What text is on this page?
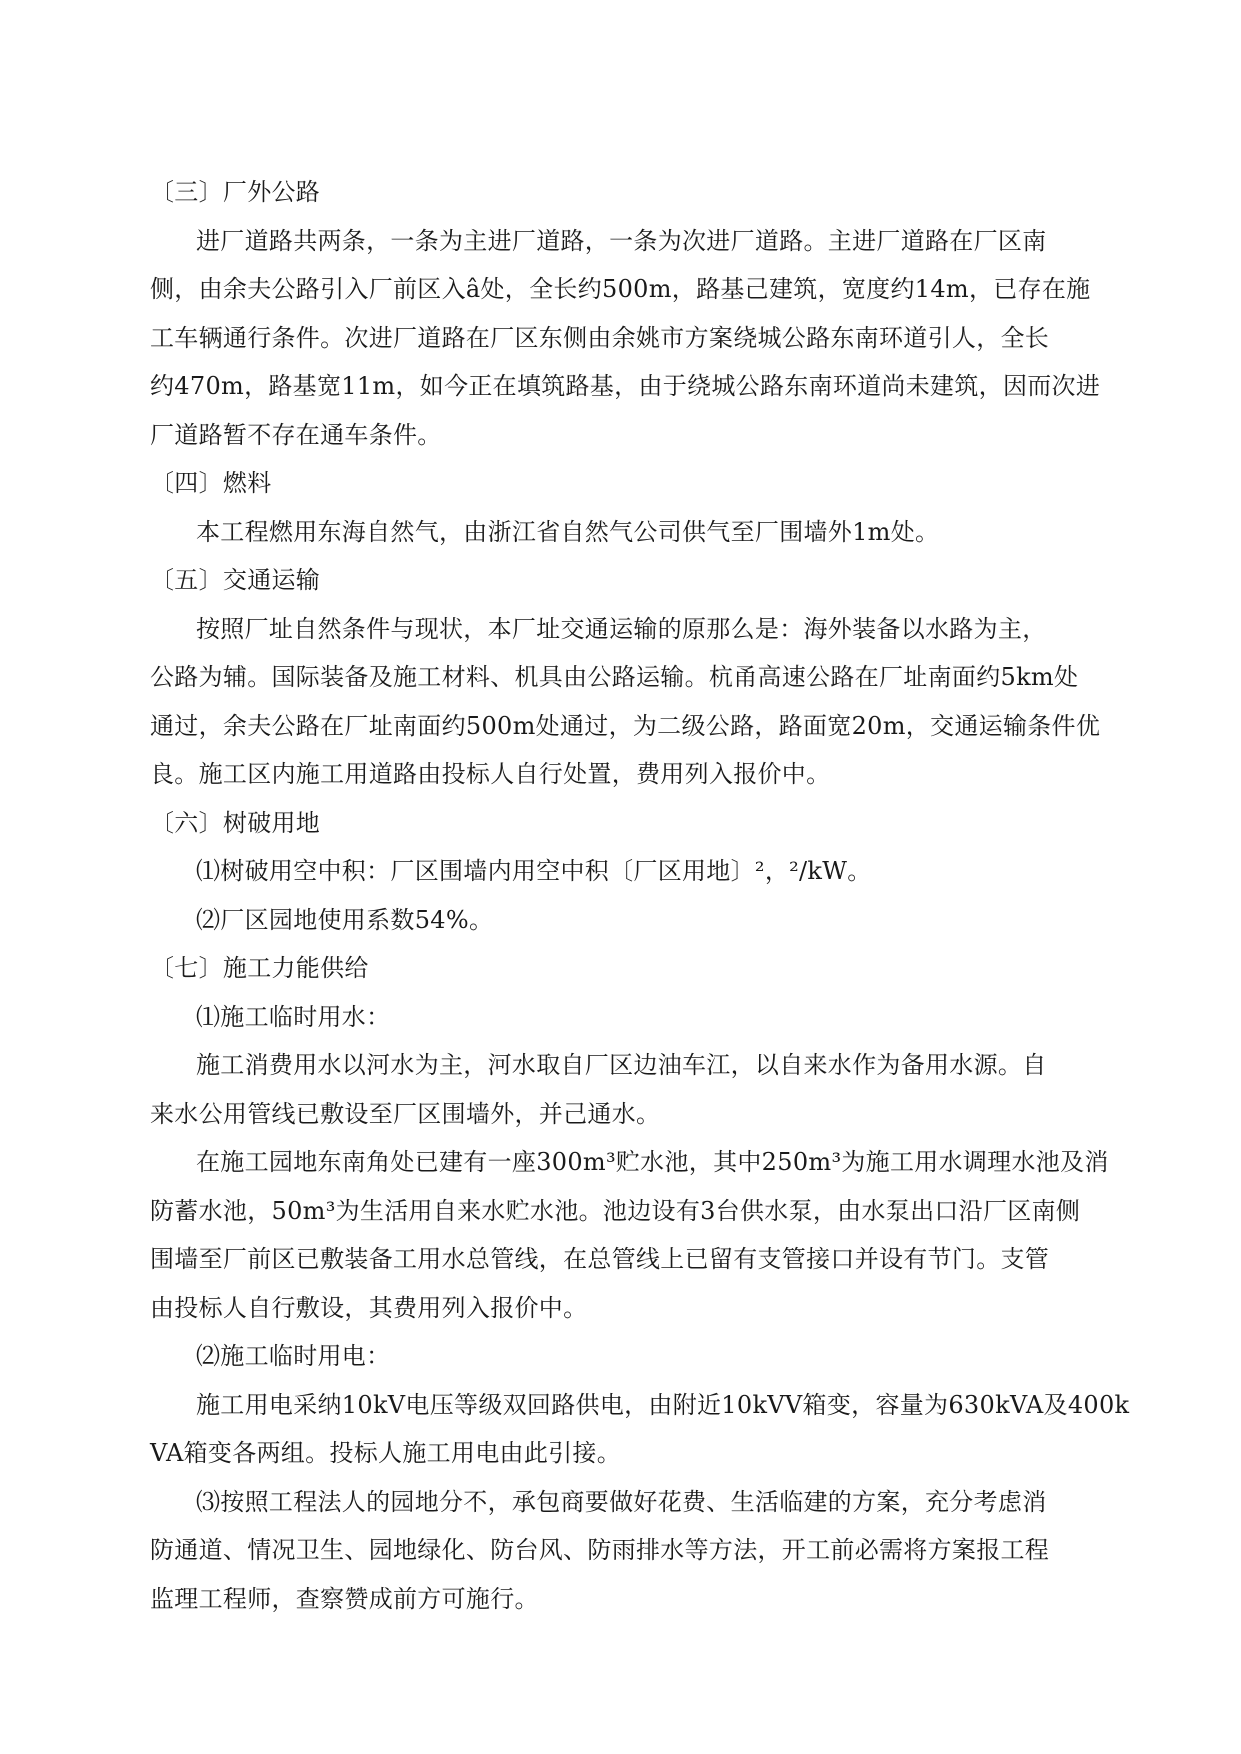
〔三〕厂外公路
进厂道路共两条，一条为主进厂道路，一条为次进厂道路。主进厂道路在厂区南
侧，由余夫公路引入厂前区入â处，全长约500m，路基己建筑，宽度约14m，已存在施
工车辆通行条件。次进厂道路在厂区东侧由余姚市方案绕城公路东南环道引人，全长
约470m，路基宽11m，如今正在填筑路基，由于绕城公路东南环道尚未建筑，因而次进
厂道路暂不存在通车条件。
〔四〕燃料
本工程燃用东海自然气，由浙江省自然气公司供气至厂围墙外1m处。
〔五〕交通运输
按照厂址自然条件与现状，本厂址交通运输的原那么是：海外装备以水路为主，
公路为辅。国际装备及施工材料、机具由公路运输。杭甬高速公路在厂址南面约5km处
通过，余夫公路在厂址南面约500m处通过，为二级公路，路面宽20m，交通运输条件优
良。施工区内施工用道路由投标人自行处置，费用列入报价中。
〔六〕树破用地
⑴树破用空中积：厂区围墙内用空中积〔厂区用地〕²，²/kW。
⑵厂区园地使用系数54%。
〔七〕施工力能供给
⑴施工临时用水：
施工消费用水以河水为主，河水取自厂区边油车江，以自来水作为备用水源。自
来水公用管线已敷设至厂区围墙外，并己通水。
在施工园地东南角处已建有一座300m³贮水池，其中250m³为施工用水调理水池及消
防蓄水池，50m³为生活用自来水贮水池。池边设有3台供水泵，由水泵出口沿厂区南侧
围墙至厂前区已敷装备工用水总管线，在总管线上已留有支管接口并设有节门。支管
由投标人自行敷设，其费用列入报价中。
⑵施工临时用电：
施工用电采纳10kV电压等级双回路供电，由附近10kVV箱变，容量为630kVA及400k
VA箱变各两组。投标人施工用电由此引接。
⑶按照工程法人的园地分不，承包商要做好花费、生活临建的方案，充分考虑消
防通道、情况卫生、园地绿化、防台风、防雨排水等方法，开工前必需将方案报工程
监理工程师，查察赞成前方可施行。
